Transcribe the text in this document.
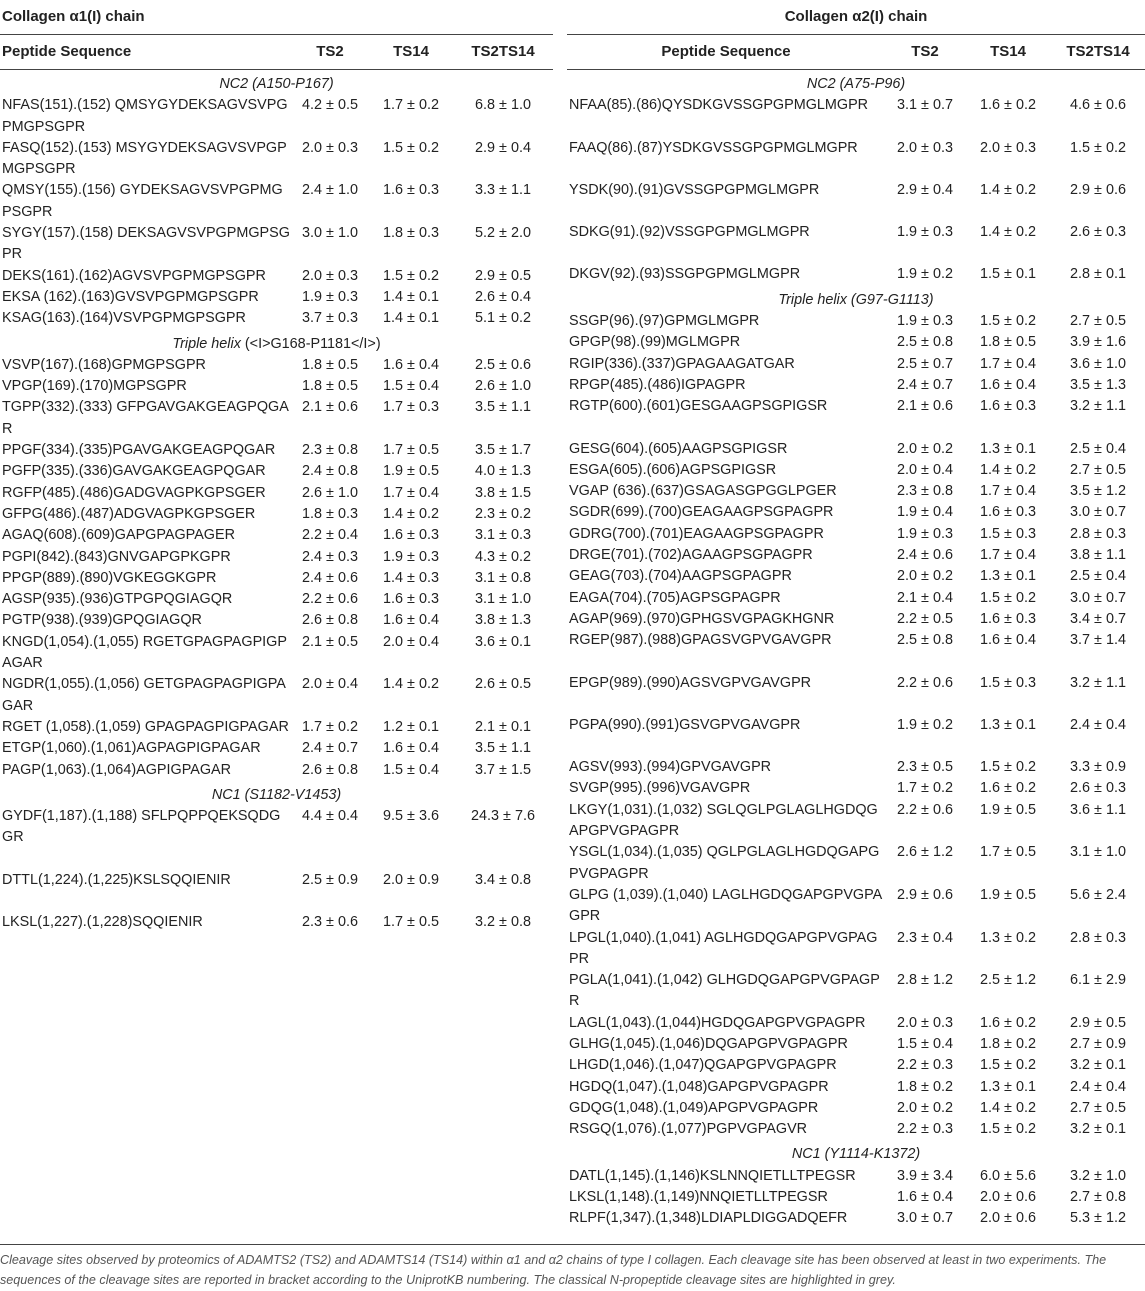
Collagen α1(I) chain			
Peptide Sequence	TS2	TS14	TS2TS14
NC2 (A150-P167)			
NFAS(151).(152) QMSYGYDEKSAGVSVPGPMGPSGPR	4.2 ± 0.5	1.7 ± 0.2	6.8 ± 1.0
FASQ(152).(153) MSYGYDEKSAGVSVPGPMGPSGPR	2.0 ± 0.3	1.5 ± 0.2	2.9 ± 0.4
QMSY(155).(156) GYDEKSAGVSVPGPMGPSGPR	2.4 ± 1.0	1.6 ± 0.3	3.3 ± 1.1
SYGY(157).(158) DEKSAGVSVPGPMGPSGPR	3.0 ± 1.0	1.8 ± 0.3	5.2 ± 2.0
DEKS(161).(162)AGVSVPGPMGPSGPR	2.0 ± 0.3	1.5 ± 0.2	2.9 ± 0.5
EKSA (162).(163)GVSVPGPMGPSGPR	1.9 ± 0.3	1.4 ± 0.1	2.6 ± 0.4
KSAG(163).(164)VSVPGPMGPSGPR	3.7 ± 0.3	1.4 ± 0.1	5.1 ± 0.2
Triple helix (<I>G168-P1181</I>)			
VSVP(167).(168)GPMGPSGPR	1.8 ± 0.5	1.6 ± 0.4	2.5 ± 0.6
VPGP(169).(170)MGPSGPR	1.8 ± 0.5	1.5 ± 0.4	2.6 ± 1.0
TGPP(332).(333) GFPGAVGAKGEAGPQGAR	2.1 ± 0.6	1.7 ± 0.3	3.5 ± 1.1
PPGF(334).(335)PGAVGAKGEAGPQGAR	2.3 ± 0.8	1.7 ± 0.5	3.5 ± 1.7
PGFP(335).(336)GAVGAKGEAGPQGAR	2.4 ± 0.8	1.9 ± 0.5	4.0 ± 1.3
RGFP(485).(486)GADGVAGPKGPSGER	2.6 ± 1.0	1.7 ± 0.4	3.8 ± 1.5
GFPG(486).(487)ADGVAGPKGPSGER	1.8 ± 0.3	1.4 ± 0.2	2.3 ± 0.2
AGAQ(608).(609)GAPGPAGPAGER	2.2 ± 0.4	1.6 ± 0.3	3.1 ± 0.3
PGPI(842).(843)GNVGAPGPKGPR	2.4 ± 0.3	1.9 ± 0.3	4.3 ± 0.2
PPGP(889).(890)VGKEGGKGPR	2.4 ± 0.6	1.4 ± 0.3	3.1 ± 0.8
AGSP(935).(936)GTPGPQGIAGQR	2.2 ± 0.6	1.6 ± 0.3	3.1 ± 1.0
PGTP(938).(939)GPQGIAGQR	2.6 ± 0.8	1.6 ± 0.4	3.8 ± 1.3
KNGD(1,054).(1,055) RGETGPAGPAGPIGPAGAR	2.1 ± 0.5	2.0 ± 0.4	3.6 ± 0.1
NGDR(1,055).(1,056) GETGPAGPAGPIGPAGAR	2.0 ± 0.4	1.4 ± 0.2	2.6 ± 0.5
RGET (1,058).(1,059) GPAGPAGPIGPAGAR	1.7 ± 0.2	1.2 ± 0.1	2.1 ± 0.1
ETGP(1,060).(1,061)AGPAGPIGPAGAR	2.4 ± 0.7	1.6 ± 0.4	3.5 ± 1.1
PAGP(1,063).(1,064)AGPIGPAGAR	2.6 ± 0.8	1.5 ± 0.4	3.7 ± 1.5
NC1 (S1182-V1453)			
GYDF(1,187).(1,188) SFLPQPPQEKSQDGGR	4.4 ± 0.4	9.5 ± 3.6	24.3 ± 7.6
DTTL(1,224).(1,225)KSLSQQIENIR	2.5 ± 0.9	2.0 ± 0.9	3.4 ± 0.8
LKSL(1,227).(1,228)SQQIENIR	2.3 ± 0.6	1.7 ± 0.5	3.2 ± 0.8
Collagen α2(I) chain			
Peptide Sequence	TS2	TS14	TS2TS14
NC2 (A75-P96)			
NFAA(85).(86)QYSDKGVSSGPGPMGLMGPR	3.1 ± 0.7	1.6 ± 0.2	4.6 ± 0.6
FAAQ(86).(87)YSDKGVSSGPGPMGLMGPR	2.0 ± 0.3	2.0 ± 0.3	1.5 ± 0.2
YSDK(90).(91)GVSSGPGPMGLMGPR	2.9 ± 0.4	1.4 ± 0.2	2.9 ± 0.6
SDKG(91).(92)VSSGPGPMGLMGPR	1.9 ± 0.3	1.4 ± 0.2	2.6 ± 0.3
DKGV(92).(93)SSGPGPMGLMGPR	1.9 ± 0.2	1.5 ± 0.1	2.8 ± 0.1
Triple helix (G97-G1113)			
SSGP(96).(97)GPMGLMGPR	1.9 ± 0.3	1.5 ± 0.2	2.7 ± 0.5
GPGP(98).(99)MGLMGPR	2.5 ± 0.8	1.8 ± 0.5	3.9 ± 1.6
RGIP(336).(337)GPAGAAGATGAR	2.5 ± 0.7	1.7 ± 0.4	3.6 ± 1.0
RPGP(485).(486)IGPAGPR	2.4 ± 0.7	1.6 ± 0.4	3.5 ± 1.3
RGTP(600).(601)GESGAAGPSGPIGSR	2.1 ± 0.6	1.6 ± 0.3	3.2 ± 1.1
GESG(604).(605)AAGPSGPIGSR	2.0 ± 0.2	1.3 ± 0.1	2.5 ± 0.4
ESGA(605).(606)AGPSGPIGSR	2.0 ± 0.4	1.4 ± 0.2	2.7 ± 0.5
VGAP (636).(637)GSAGASGPGGLPGER	2.3 ± 0.8	1.7 ± 0.4	3.5 ± 1.2
SGDR(699).(700)GEAGAAGPSGPAGPR	1.9 ± 0.4	1.6 ± 0.3	3.0 ± 0.7
GDRG(700).(701)EAGAAGPSGPAGPR	1.9 ± 0.3	1.5 ± 0.3	2.8 ± 0.3
DRGE(701).(702)AGAAGPSGPAGPR	2.4 ± 0.6	1.7 ± 0.4	3.8 ± 1.1
GEAG(703).(704)AAGPSGPAGPR	2.0 ± 0.2	1.3 ± 0.1	2.5 ± 0.4
EAGA(704).(705)AGPSGPAGPR	2.1 ± 0.4	1.5 ± 0.2	3.0 ± 0.7
AGAP(969).(970)GPHGSVGPAGKHGNR	2.2 ± 0.5	1.6 ± 0.3	3.4 ± 0.7
RGEP(987).(988)GPAGSVGPVGAVGPR	2.5 ± 0.8	1.6 ± 0.4	3.7 ± 1.4
EPGP(989).(990)AGSVGPVGAVGPR	2.2 ± 0.6	1.5 ± 0.3	3.2 ± 1.1
PGPA(990).(991)GSVGPVGAVGPR	1.9 ± 0.2	1.3 ± 0.1	2.4 ± 0.4
AGSV(993).(994)GPVGAVGPR	2.3 ± 0.5	1.5 ± 0.2	3.3 ± 0.9
SVGP(995).(996)VGAVGPR	1.7 ± 0.2	1.6 ± 0.2	2.6 ± 0.3
LKGY(1,031).(1,032) SGLQGLPGLAGLHGDQGAPGPVGPAGPR	2.2 ± 0.6	1.9 ± 0.5	3.6 ± 1.1
YSGL(1,034).(1,035) QGLPGLAGLHGDQGAPGPVGPAGPR	2.6 ± 1.2	1.7 ± 0.5	3.1 ± 1.0
GLPG (1,039).(1,040) LAGLHGDQGAPGPVGPAGPR	2.9 ± 0.6	1.9 ± 0.5	5.6 ± 2.4
LPGL(1,040).(1,041) AGLHGDQGAPGPVGPAGPR	2.3 ± 0.4	1.3 ± 0.2	2.8 ± 0.3
PGLA(1,041).(1,042) GLHGDQGAPGPVGPAGPR	2.8 ± 1.2	2.5 ± 1.2	6.1 ± 2.9
LAGL(1,043).(1,044)HGDQGAPGPVGPAGPR	2.0 ± 0.3	1.6 ± 0.2	2.9 ± 0.5
GLHG(1,045).(1,046)DQGAPGPVGPAGPR	1.5 ± 0.4	1.8 ± 0.2	2.7 ± 0.9
LHGD(1,046).(1,047)QGAPGPVGPAGPR	2.2 ± 0.3	1.5 ± 0.2	3.2 ± 0.1
HGDQ(1,047).(1,048)GAPGPVGPAGPR	1.8 ± 0.2	1.3 ± 0.1	2.4 ± 0.4
GDQG(1,048).(1,049)APGPVGPAGPR	2.0 ± 0.2	1.4 ± 0.2	2.7 ± 0.5
RSGQ(1,076).(1,077)PGPVGPAGVR	2.2 ± 0.3	1.5 ± 0.2	3.2 ± 0.1
NC1 (Y1114-K1372)			
DATL(1,145).(1,146)KSLNNQIETLLTPEGSR	3.9 ± 3.4	6.0 ± 5.6	3.2 ± 1.0
LKSL(1,148).(1,149)NNQIETLLTPEGSR	1.6 ± 0.4	2.0 ± 0.6	2.7 ± 0.8
RLPF(1,347).(1,348)LDIAPLDIGGADQEFR	3.0 ± 0.7	2.0 ± 0.6	5.3 ± 1.2
Cleavage sites observed by proteomics of ADAMTS2 (TS2) and ADAMTS14 (TS14) within α1 and α2 chains of type I collagen. Each cleavage site has been observed at least in two experiments. The sequences of the cleavage sites are reported in bracket according to the UniprotKB numbering. The classical N-propeptide cleavage sites are highlighted in grey.
